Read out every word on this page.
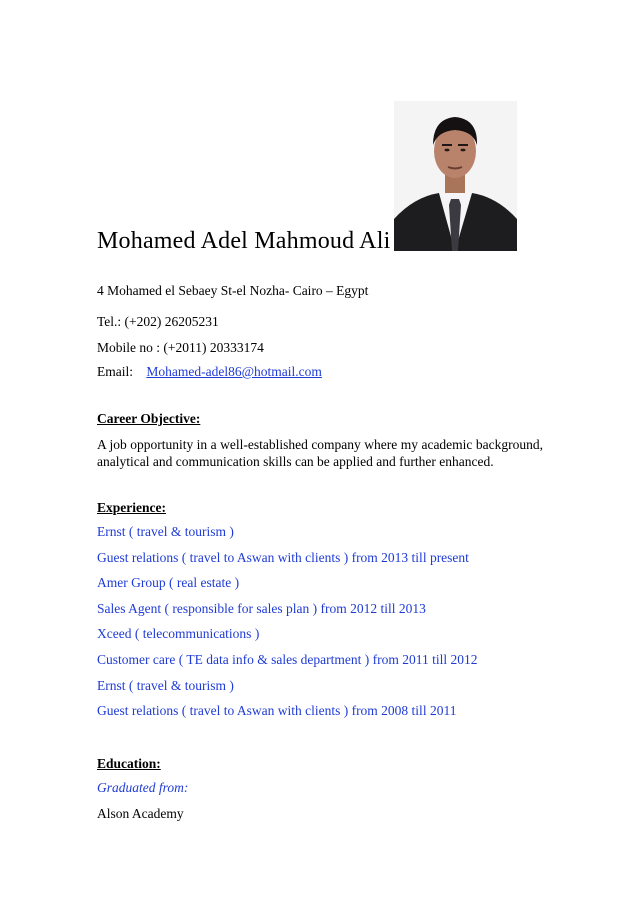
Mohamed Adel Mahmoud Ali
4 Mohamed el Sebaey St-el Nozha- Cairo – Egypt
Tel.: (+202) 26205231
Mobile no : (+2011) 20333174
Email: Mohamed-adel86@hotmail.com
Career Objective:
A job opportunity in a well-established company where my academic background, analytical and communication skills can be applied and further enhanced.
Experience:
Ernst ( travel & tourism )
Guest relations ( travel to Aswan with clients ) from 2013 till present
Amer Group ( real estate )
Sales Agent ( responsible for sales plan ) from 2012 till 2013
Xceed ( telecommunications )
Customer care ( TE data info & sales department ) from 2011 till 2012
Ernst ( travel & tourism )
Guest relations ( travel to Aswan with clients ) from 2008 till 2011
Education:
Graduated from:
Alson Academy
